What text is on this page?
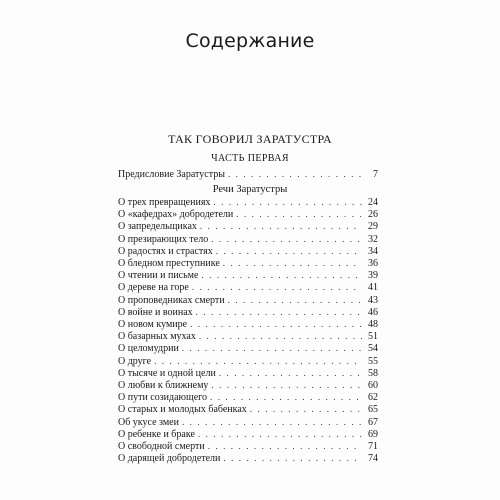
Содержание
ТАК ГОВОРИЛ ЗАРАТУСТРА
ЧАСТЬ ПЕРВАЯ
Предисловие Заратустры . . .	7
Речи Заратустры
О трех превращениях . . .	24
О «кафедрах» добродетели . . .	26
О запредельщиках . . .	29
О презирающих тело . . .	32
О радостях и страстях . . .	34
О бледном преступнике . . .	36
О чтении и письме . . .	39
О дереве на горе . . .	41
О проповедниках смерти . . .	43
О войне и воинах . . .	46
О новом кумире . . .	48
О базарных мухах . . .	51
О целомудрии . . .	54
О друге . . .	55
О тысяче и одной цели . . .	58
О любви к ближнему . . .	60
О пути созидающего . . .	62
О старых и молодых бабенках . . .	65
Об укусе змеи . . .	67
О ребенке и браке . . .	69
О свободной смерти . . .	71
О дарящей добродетели . . .	74
